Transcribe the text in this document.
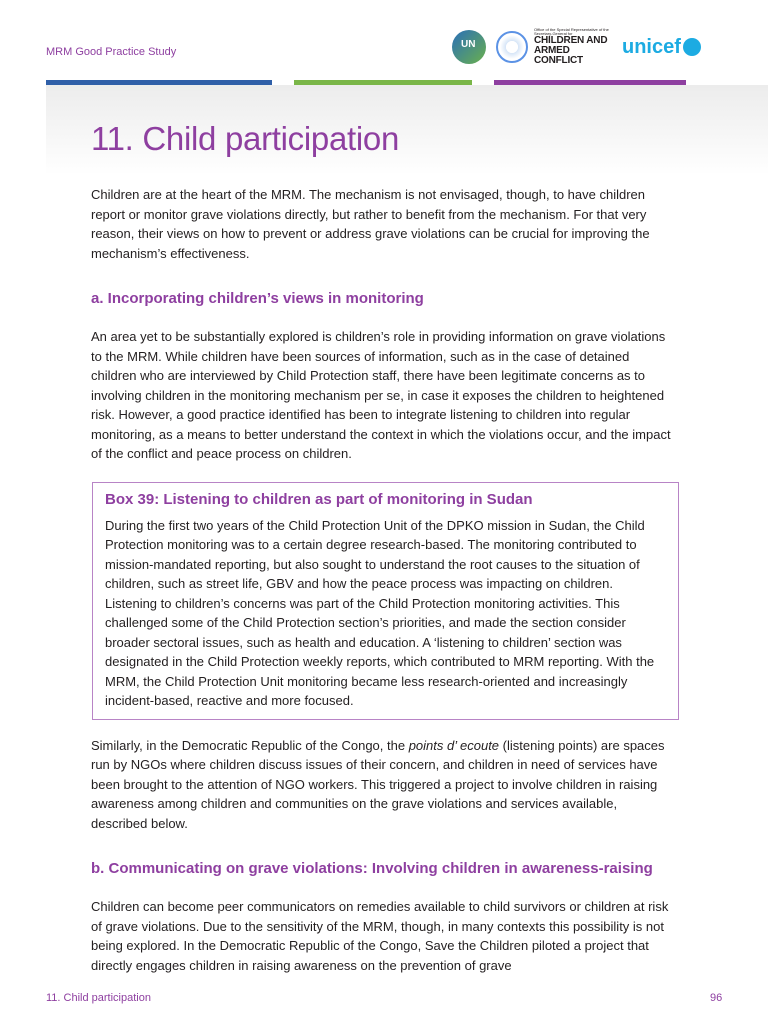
MRM Good Practice Study
UN
Office of the Special Representative of the Secretary-General for
CHILDREN AND
ARMED CONFLICT
unicef
11. Child participation

Children are at the heart of the MRM. The mechanism is not envisaged, though, to have children report or monitor grave violations directly, but rather to benefit from the mechanism. For that very reason, their views on how to prevent or address grave violations can be crucial for improving the mechanism’s effectiveness.

a. Incorporating children’s views in monitoring

An area yet to be substantially explored is children’s role in providing information on grave violations to the MRM. While children have been sources of information, such as in the case of detained children who are interviewed by Child Protection staff, there have been legitimate concerns as to involving children in the monitoring mechanism per se, in case it exposes the children to heightened risk. However, a good practice identified has been to integrate listening to children into regular monitoring, as a means to better understand the context in which the violations occur, and the impact of the conflict and peace process on children.

Box 39: Listening to children as part of monitoring in Sudan

During the first two years of the Child Protection Unit of the DPKO mission in Sudan, the Child Protection monitoring was to a certain degree research-based. The monitoring contributed to mission-mandated reporting, but also sought to understand the root causes to the situation of children, such as street life, GBV and how the peace process was impacting on children. Listening to children’s concerns was part of the Child Protection monitoring activities. This challenged some of the Child Protection section’s priorities, and made the section consider broader sectoral issues, such as health and education. A ‘listening to children’ section was designated in the Child Protection weekly reports, which contributed to MRM reporting. With the MRM, the Child Protection Unit monitoring became less research-oriented and increasingly incident-based, reactive and more focused.

Similarly, in the Democratic Republic of the Congo, the points d’ ecoute (listening points) are spaces run by NGOs where children discuss issues of their concern, and children in need of services have been brought to the attention of NGO workers. This triggered a project to involve children in raising awareness among children and communities on the grave violations and services available, described below.

b. Communicating on grave violations: Involving children in awareness-raising

Children can become peer communicators on remedies available to child survivors or children at risk of grave violations. Due to the sensitivity of the MRM, though, in many contexts this possibility is not being explored. In the Democratic Republic of the Congo, Save the Children piloted a project that directly engages children in raising awareness on the prevention of grave

11. Child participation	96
